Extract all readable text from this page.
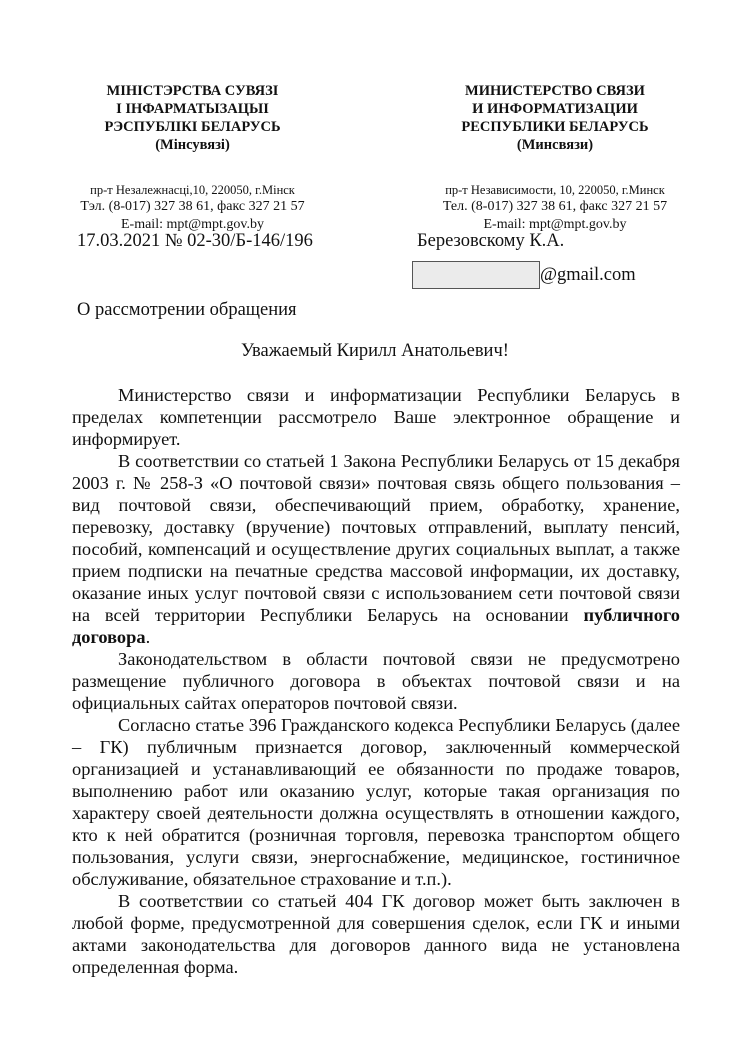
МІНІСТЭРСТВА СУВЯЗІ
І ІНФАРМАТЫЗАЦЫІ
РЭСПУБЛІКІ БЕЛАРУСЬ
(Мінсувязі)
пр-т Незалежнасці,10, 220050, г.Мінск
Тэл. (8-017) 327 38 61, факс 327 21 57
E-mail: mpt@mpt.gov.by
МИНИСТЕРСТВО СВЯЗИ
И ИНФОРМАТИЗАЦИИ
РЕСПУБЛИКИ БЕЛАРУСЬ
(Минсвязи)
пр-т Независимости, 10, 220050, г.Минск
Тел. (8-017) 327 38 61, факс 327 21 57
E-mail: mpt@mpt.gov.by
17.03.2021 № 02-30/Б-146/196	Березовскому К.А.
@gmail.com
О рассмотрении обращения
Уважаемый Кирилл Анатольевич!

Министерство связи и информатизации Республики Беларусь в пределах компетенции рассмотрело Ваше электронное обращение и информирует.

В соответствии со статьей 1 Закона Республики Беларусь от 15 декабря 2003 г. № 258-З «О почтовой связи» почтовая связь общего пользования – вид почтовой связи, обеспечивающий прием, обработку, хранение, перевозку, доставку (вручение) почтовых отправлений, выплату пенсий, пособий, компенсаций и осуществление других социальных выплат, а также прием подписки на печатные средства массовой информации, их доставку, оказание иных услуг почтовой связи с использованием сети почтовой связи на всей территории Республики Беларусь на основании публичного договора.

Законодательством в области почтовой связи не предусмотрено размещение публичного договора в объектах почтовой связи и на официальных сайтах операторов почтовой связи.

Согласно статье 396 Гражданского кодекса Республики Беларусь (далее – ГК) публичным признается договор, заключенный коммерческой организацией и устанавливающий ее обязанности по продаже товаров, выполнению работ или оказанию услуг, которые такая организация по характеру своей деятельности должна осуществлять в отношении каждого, кто к ней обратится (розничная торговля, перевозка транспортом общего пользования, услуги связи, энергоснабжение, медицинское, гостиничное обслуживание, обязательное страхование и т.п.).

В соответствии со статьей 404 ГК договор может быть заключен в любой форме, предусмотренной для совершения сделок, если ГК и иными актами законодательства для договоров данного вида не установлена определенная форма.
